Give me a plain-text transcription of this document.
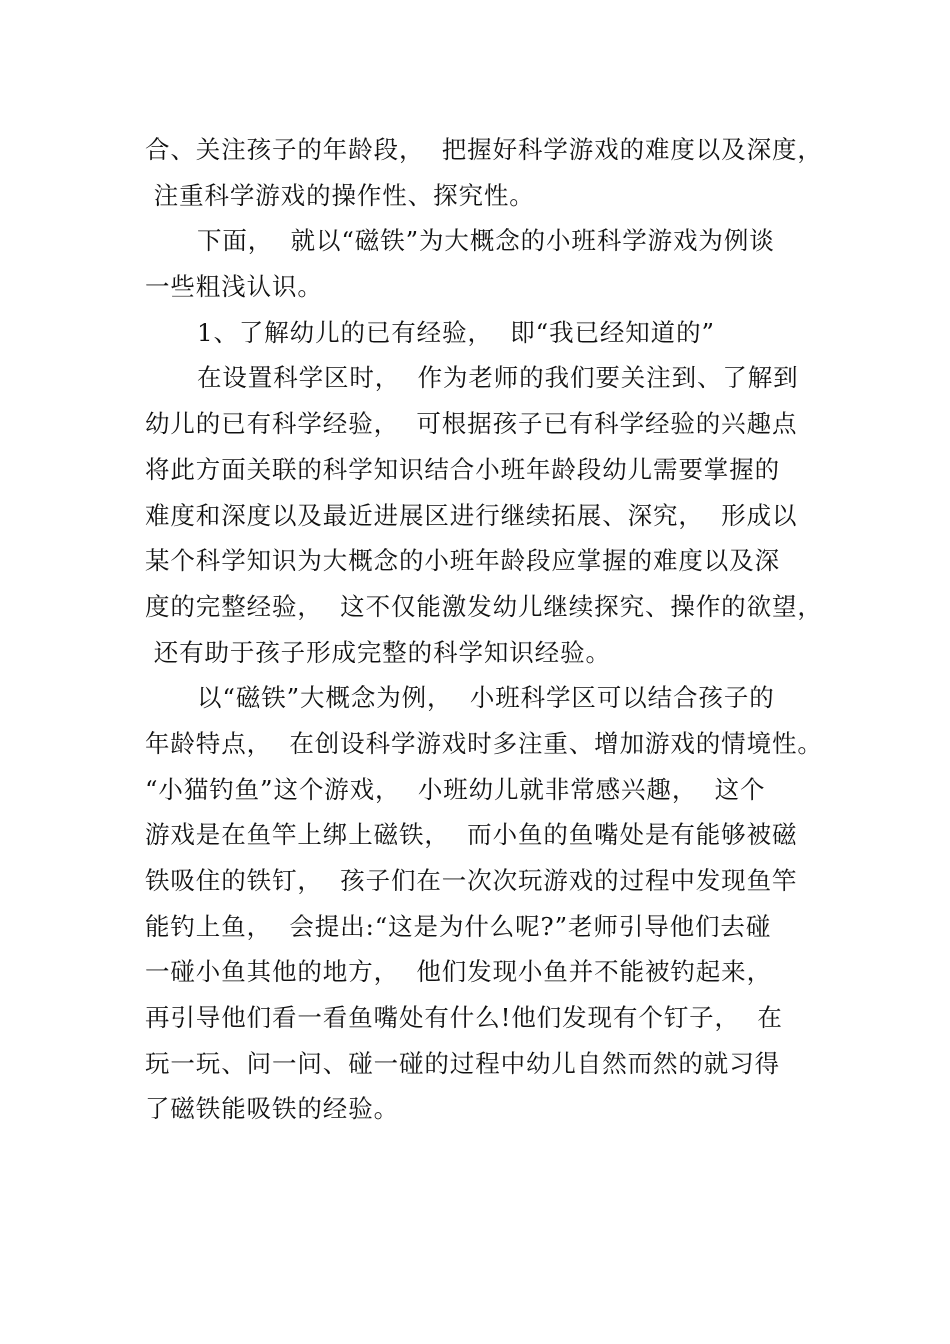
合、关注孩子的年龄段，  把握好科学游戏的难度以及深度，
注重科学游戏的操作性、探究性。
下面，  就以“磁铁”为大概念的小班科学游戏为例谈
一些粗浅认识。
1、了解幼儿的已有经验，  即“我已经知道的”
在设置科学区时，  作为老师的我们要关注到、了解到
幼儿的已有科学经验，  可根据孩子已有科学经验的兴趣点
将此方面关联的科学知识结合小班年龄段幼儿需要掌握的
难度和深度以及最近进展区进行继续拓展、深究，  形成以
某个科学知识为大概念的小班年龄段应掌握的难度以及深
度的完整经验，  这不仅能激发幼儿继续探究、操作的欲望，
还有助于孩子形成完整的科学知识经验。
以“磁铁”大概念为例，  小班科学区可以结合孩子的
年龄特点，  在创设科学游戏时多注重、增加游戏的情境性。
“小猫钓鱼”这个游戏，  小班幼儿就非常感兴趣，  这个
游戏是在鱼竿上绑上磁铁，  而小鱼的鱼嘴处是有能够被磁
铁吸住的铁钉，  孩子们在一次次玩游戏的过程中发现鱼竿
能钓上鱼，  会提出:“这是为什么呢?”老师引导他们去碰
一碰小鱼其他的地方，  他们发现小鱼并不能被钓起来，
再引导他们看一看鱼嘴处有什么!他们发现有个钉子，  在
玩一玩、问一问、碰一碰的过程中幼儿自然而然的就习得
了磁铁能吸铁的经验。
